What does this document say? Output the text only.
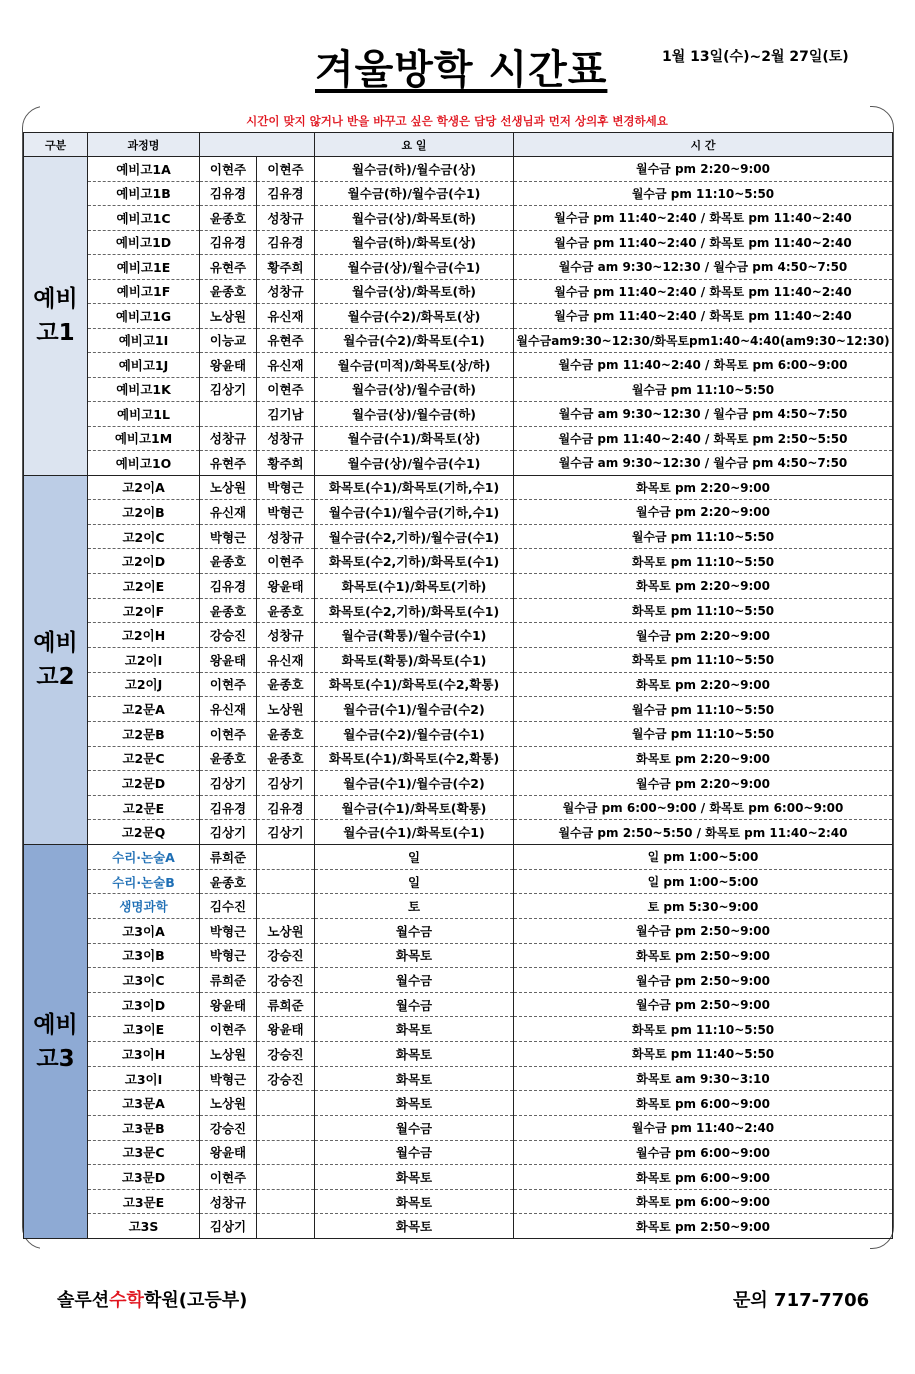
겨울방학 시간표	1월 13일(수)~2월 27일(토)
시간이 맞지 않거나 반을 바꾸고 싶은 학생은 담당 선생님과 먼저 상의후 변경하세요
구분	과정명			요 일	시 간

예비
고1	예비고1A	이현주	이현주	월수금(하)/월수금(상)	월수금 pm 2:20~9:00
	예비고1B	김유경	김유경	월수금(하)/월수금(수1)	월수금 pm 11:10~5:50
	예비고1C	윤종호	성창규	월수금(상)/화목토(하)	월수금 pm 11:40~2:40 / 화목토 pm 11:40~2:40
	예비고1D	김유경	김유경	월수금(하)/화목토(상)	월수금 pm 11:40~2:40 / 화목토 pm 11:40~2:40
	예비고1E	유현주	황주희	월수금(상)/월수금(수1)	월수금 am 9:30~12:30 / 월수금 pm 4:50~7:50
	예비고1F	윤종호	성창규	월수금(상)/화목토(하)	월수금 pm 11:40~2:40 / 화목토 pm 11:40~2:40
	예비고1G	노상원	유신재	월수금(수2)/화목토(상)	월수금 pm 11:40~2:40 / 화목토 pm 11:40~2:40
	예비고1I	이능교	유현주	월수금(수2)/화목토(수1)	월수금am9:30~12:30/화목토pm1:40~4:40(am9:30~12:30)
	예비고1J	왕윤태	유신재	월수금(미적)/화목토(상/하)	월수금 pm 11:40~2:40 / 화목토 pm 6:00~9:00
	예비고1K	김상기	이현주	월수금(상)/월수금(하)	월수금 pm 11:10~5:50
	예비고1L		김기남	월수금(상)/월수금(하)	월수금 am 9:30~12:30 / 월수금 pm 4:50~7:50
	예비고1M	성창규	성창규	월수금(수1)/화목토(상)	월수금 pm 11:40~2:40 / 화목토 pm 2:50~5:50
	예비고1O	유현주	황주희	월수금(상)/월수금(수1)	월수금 am 9:30~12:30 / 월수금 pm 4:50~7:50

예비
고2	고2이A	노상원	박형근	화목토(수1)/화목토(기하,수1)	화목토 pm 2:20~9:00
	고2이B	유신재	박형근	월수금(수1)/월수금(기하,수1)	월수금 pm 2:20~9:00
	고2이C	박형근	성창규	월수금(수2,기하)/월수금(수1)	월수금 pm 11:10~5:50
	고2이D	윤종호	이현주	화목토(수2,기하)/화목토(수1)	화목토 pm 11:10~5:50
	고2이E	김유경	왕윤태	화목토(수1)/화목토(기하)	화목토 pm 2:20~9:00
	고2이F	윤종호	윤종호	화목토(수2,기하)/화목토(수1)	화목토 pm 11:10~5:50
	고2이H	강승진	성창규	월수금(확통)/월수금(수1)	월수금 pm 2:20~9:00
	고2이I	왕윤태	유신재	화목토(확통)/화목토(수1)	화목토 pm 11:10~5:50
	고2이J	이현주	윤종호	화목토(수1)/화목토(수2,확통)	화목토 pm 2:20~9:00
	고2문A	유신재	노상원	월수금(수1)/월수금(수2)	월수금 pm 11:10~5:50
	고2문B	이현주	윤종호	월수금(수2)/월수금(수1)	월수금 pm 11:10~5:50
	고2문C	윤종호	윤종호	화목토(수1)/화목토(수2,확통)	화목토 pm 2:20~9:00
	고2문D	김상기	김상기	월수금(수1)/월수금(수2)	월수금 pm 2:20~9:00
	고2문E	김유경	김유경	월수금(수1)/화목토(확통)	월수금 pm 6:00~9:00 / 화목토 pm 6:00~9:00
	고2문Q	김상기	김상기	월수금(수1)/화목토(수1)	월수금 pm 2:50~5:50 / 화목토 pm 11:40~2:40

예비
고3	수리·논술A	류희준		일	일 pm 1:00~5:00
	수리·논술B	윤종호		일	일 pm 1:00~5:00
	생명과학	김수진		토	토 pm 5:30~9:00
	고3이A	박형근	노상원	월수금	월수금 pm 2:50~9:00
	고3이B	박형근	강승진	화목토	화목토 pm 2:50~9:00
	고3이C	류희준	강승진	월수금	월수금 pm 2:50~9:00
	고3이D	왕윤태	류희준	월수금	월수금 pm 2:50~9:00
	고3이E	이현주	왕윤태	화목토	화목토 pm 11:10~5:50
	고3이H	노상원	강승진	화목토	화목토 pm 11:40~5:50
	고3이I	박형근	강승진	화목토	화목토 am 9:30~3:10
	고3문A	노상원		화목토	화목토 pm 6:00~9:00
	고3문B	강승진		월수금	월수금 pm 11:40~2:40
	고3문C	왕윤태		월수금	월수금 pm 6:00~9:00
	고3문D	이현주		화목토	화목토 pm 6:00~9:00
	고3문E	성창규		화목토	화목토 pm 6:00~9:00
	고3S	김상기		화목토	화목토 pm 2:50~9:00
솔루션수학학원(고등부)	문의 717-7706
